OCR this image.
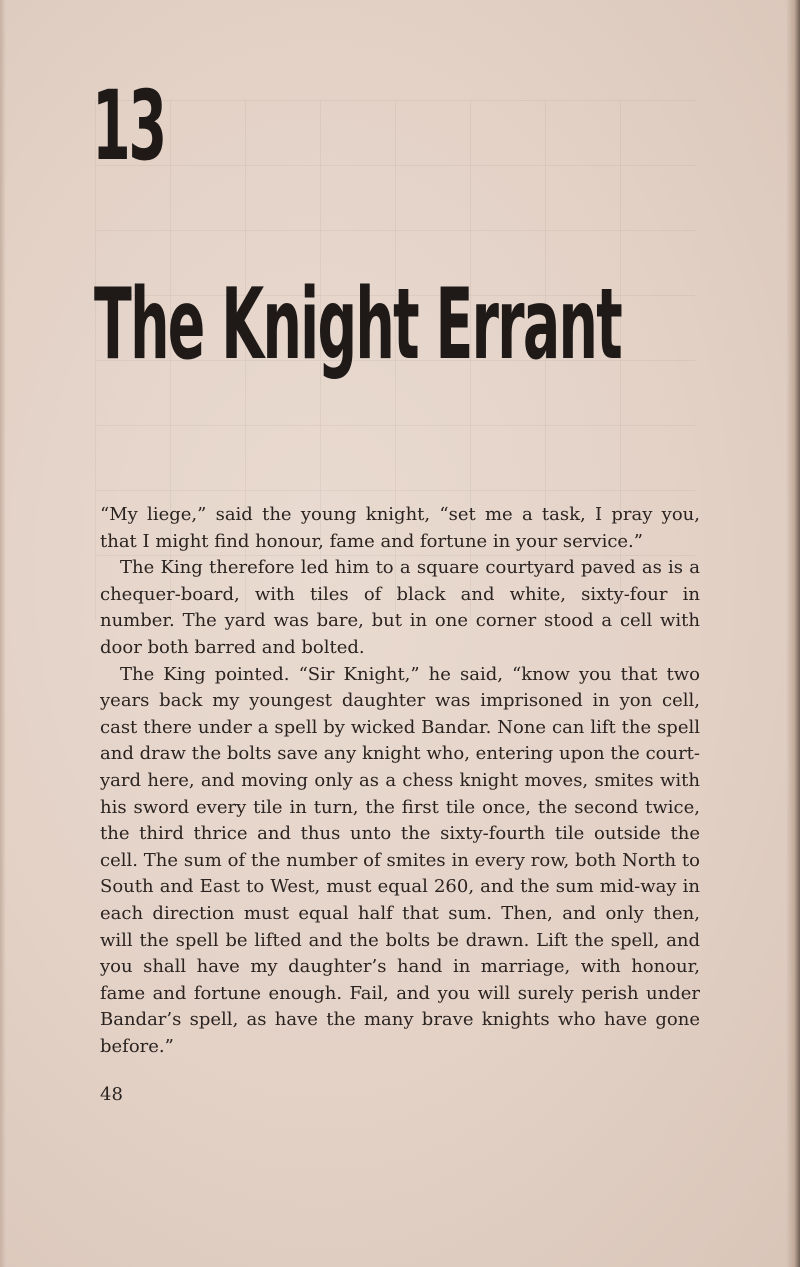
13
The Knight Errant

“My liege,” said the young knight, “set me a task, I pray you, that I might find honour, fame and fortune in your service.”

The King therefore led him to a square courtyard paved as is a chequer-board, with tiles of black and white, sixty-four in number. The yard was bare, but in one corner stood a cell with door both barred and bolted.

The King pointed. “Sir Knight,” he said, “know you that two years back my youngest daughter was imprisoned in yon cell, cast there under a spell by wicked Bandar. None can lift the spell and draw the bolts save any knight who, entering upon the court-yard here, and moving only as a chess knight moves, smites with his sword every tile in turn, the first tile once, the second twice, the third thrice and thus unto the sixty-fourth tile outside the cell. The sum of the number of smites in every row, both North to South and East to West, must equal 260, and the sum mid-way in each direction must equal half that sum. Then, and only then, will the spell be lifted and the bolts be drawn. Lift the spell, and you shall have my daughter’s hand in marriage, with honour, fame and fortune enough. Fail, and you will surely perish under Bandar’s spell, as have the many brave knights who have gone before.”

48
